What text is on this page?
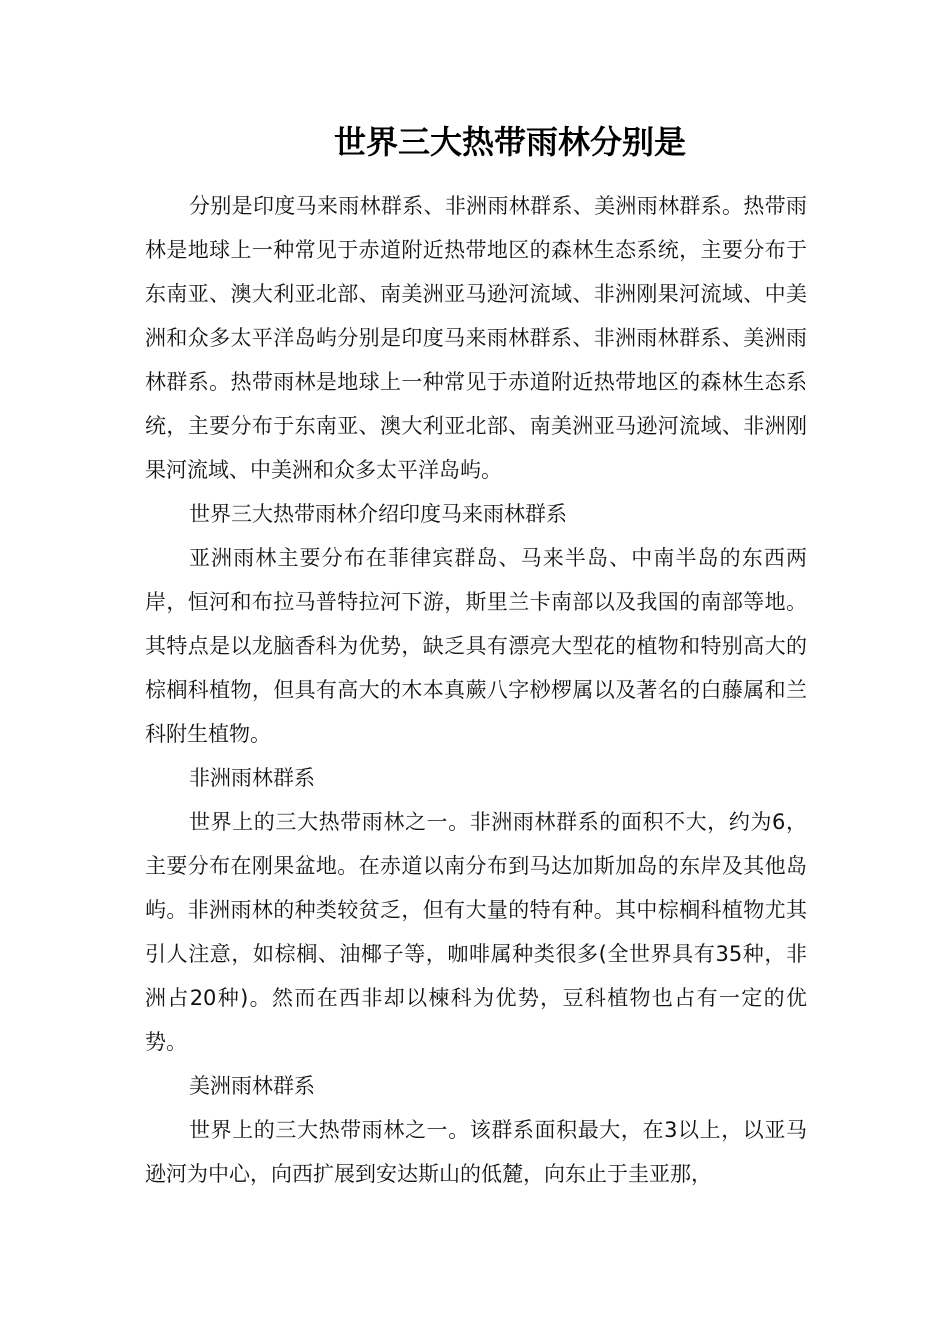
世界三大热带雨林分别是

分别是印度马来雨林群系、非洲雨林群系、美洲雨林群系。热带雨林是地球上一种常见于赤道附近热带地区的森林生态系统，主要分布于东南亚、澳大利亚北部、南美洲亚马逊河流域、非洲刚果河流域、中美洲和众多太平洋岛屿分别是印度马来雨林群系、非洲雨林群系、美洲雨林群系。热带雨林是地球上一种常见于赤道附近热带地区的森林生态系统，主要分布于东南亚、澳大利亚北部、南美洲亚马逊河流域、非洲刚果河流域、中美洲和众多太平洋岛屿。

世界三大热带雨林介绍印度马来雨林群系

亚洲雨林主要分布在菲律宾群岛、马来半岛、中南半岛的东西两岸，恒河和布拉马普特拉河下游，斯里兰卡南部以及我国的南部等地。其特点是以龙脑香科为优势，缺乏具有漂亮大型花的植物和特别高大的棕榈科植物，但具有高大的木本真蕨八字桫椤属以及著名的白藤属和兰科附生植物。

非洲雨林群系

世界上的三大热带雨林之一。非洲雨林群系的面积不大，约为6，主要分布在刚果盆地。在赤道以南分布到马达加斯加岛的东岸及其他岛屿。非洲雨林的种类较贫乏，但有大量的特有种。其中棕榈科植物尤其引人注意，如棕榈、油椰子等，咖啡属种类很多(全世界具有35种，非洲占20种)。然而在西非却以楝科为优势，豆科植物也占有一定的优势。

美洲雨林群系

世界上的三大热带雨林之一。该群系面积最大，在3以上，以亚马逊河为中心，向西扩展到安达斯山的低麓，向东止于圭亚那，
